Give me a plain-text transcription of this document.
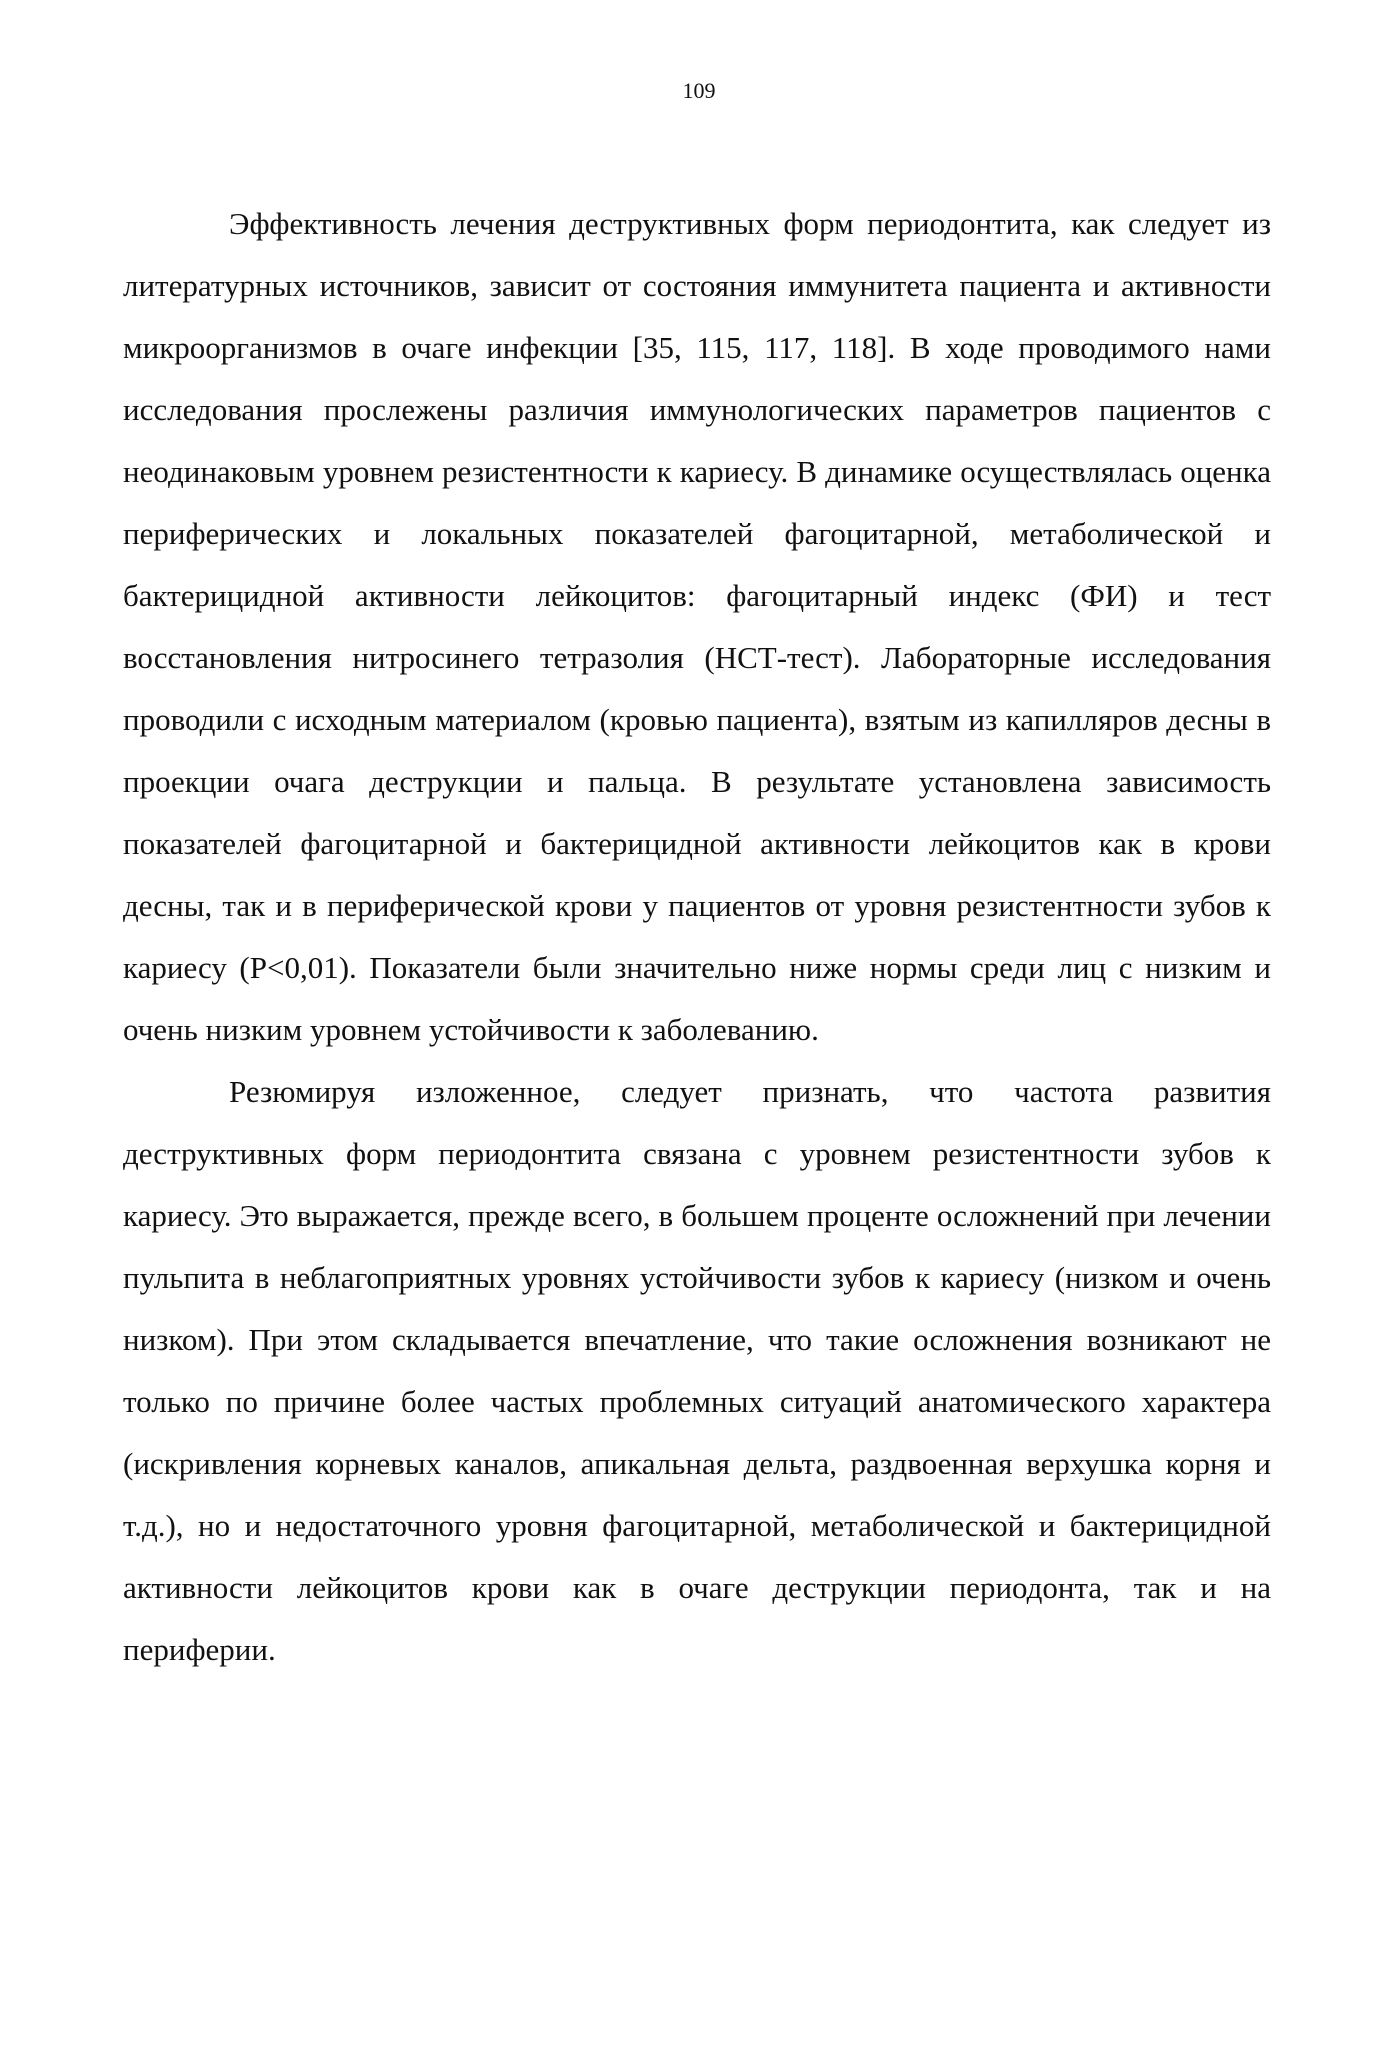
109

Эффективность лечения деструктивных форм периодонтита, как следует из литературных источников, зависит от состояния иммунитета пациента и активности микроорганизмов в очаге инфекции [35, 115, 117, 118]. В ходе проводимого нами исследования прослежены различия иммунологических параметров пациентов с неодинаковым уровнем резистентности к кариесу. В динамике осуществлялась оценка периферических и локальных показателей фагоцитарной, метаболической и бактерицидной активности лейкоцитов: фагоцитарный индекс (ФИ) и тест восстановления нитросинего тетразолия (НСТ-тест). Лабораторные исследования проводили с исходным материалом (кровью пациента), взятым из капилляров десны в проекции очага деструкции и пальца. В результате установлена зависимость показателей фагоцитарной и бактерицидной активности лейкоцитов как в крови десны, так и в периферической крови у пациентов от уровня резистентности зубов к кариесу (Р<0,01). Показатели были значительно ниже нормы среди лиц с низким и очень низким уровнем устойчивости к заболеванию.

Резюмируя изложенное, следует признать, что частота развития деструктивных форм периодонтита связана с уровнем резистентности зубов к кариесу. Это выражается, прежде всего, в большем проценте осложнений при лечении пульпита в неблагоприятных уровнях устойчивости зубов к кариесу (низком и очень низком). При этом складывается впечатление, что такие осложнения возникают не только по причине более частых проблемных ситуаций анатомического характера (искривления корневых каналов, апикальная дельта, раздвоенная верхушка корня и т.д.), но и недостаточного уровня фагоцитарной, метаболической и бактерицидной активности лейкоцитов крови как в очаге деструкции периодонта, так и на периферии.
